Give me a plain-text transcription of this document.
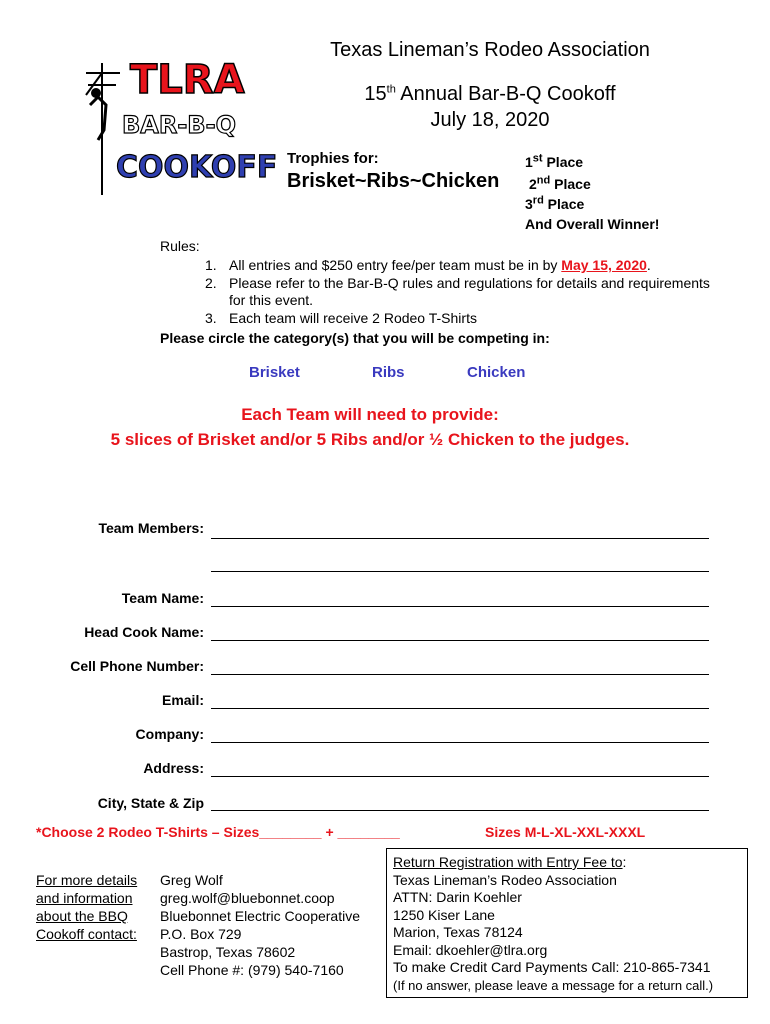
TLRA
BAR-B-Q
COOKOFF
Texas Lineman’s Rodeo Association
15th Annual Bar-B-Q Cookoff
July 18, 2020
Trophies for:
Brisket~Ribs~Chicken
1st Place
2nd Place
3rd Place
And Overall Winner!
Rules:
1. All entries and $250 entry fee/per team must be in by May 15, 2020.
2. Please refer to the Bar-B-Q rules and regulations for details and requirements for this event.
3. Each team will receive 2 Rodeo T-Shirts
Please circle the category(s) that you will be competing in:
Brisket	Ribs	Chicken
Each Team will need to provide:
5 slices of Brisket and/or 5 Ribs and/or ½ Chicken to the judges.
Team Members:
Team Name:
Head Cook Name:
Cell Phone Number:
Email:
Company:
Address:
City, State & Zip
*Choose 2 Rodeo T-Shirts – Sizes________ + ________	Sizes M-L-XL-XXL-XXXL
For more details
and information
about the BBQ
Cookoff contact:
Greg Wolf
greg.wolf@bluebonnet.coop
Bluebonnet Electric Cooperative
P.O. Box 729
Bastrop, Texas 78602
Cell Phone #: (979) 540-7160
Return Registration with Entry Fee to:
Texas Lineman’s Rodeo Association
ATTN: Darin Koehler
1250 Kiser Lane
Marion, Texas 78124
Email: dkoehler@tlra.org
To make Credit Card Payments Call: 210-865-7341
(If no answer, please leave a message for a return call.)
